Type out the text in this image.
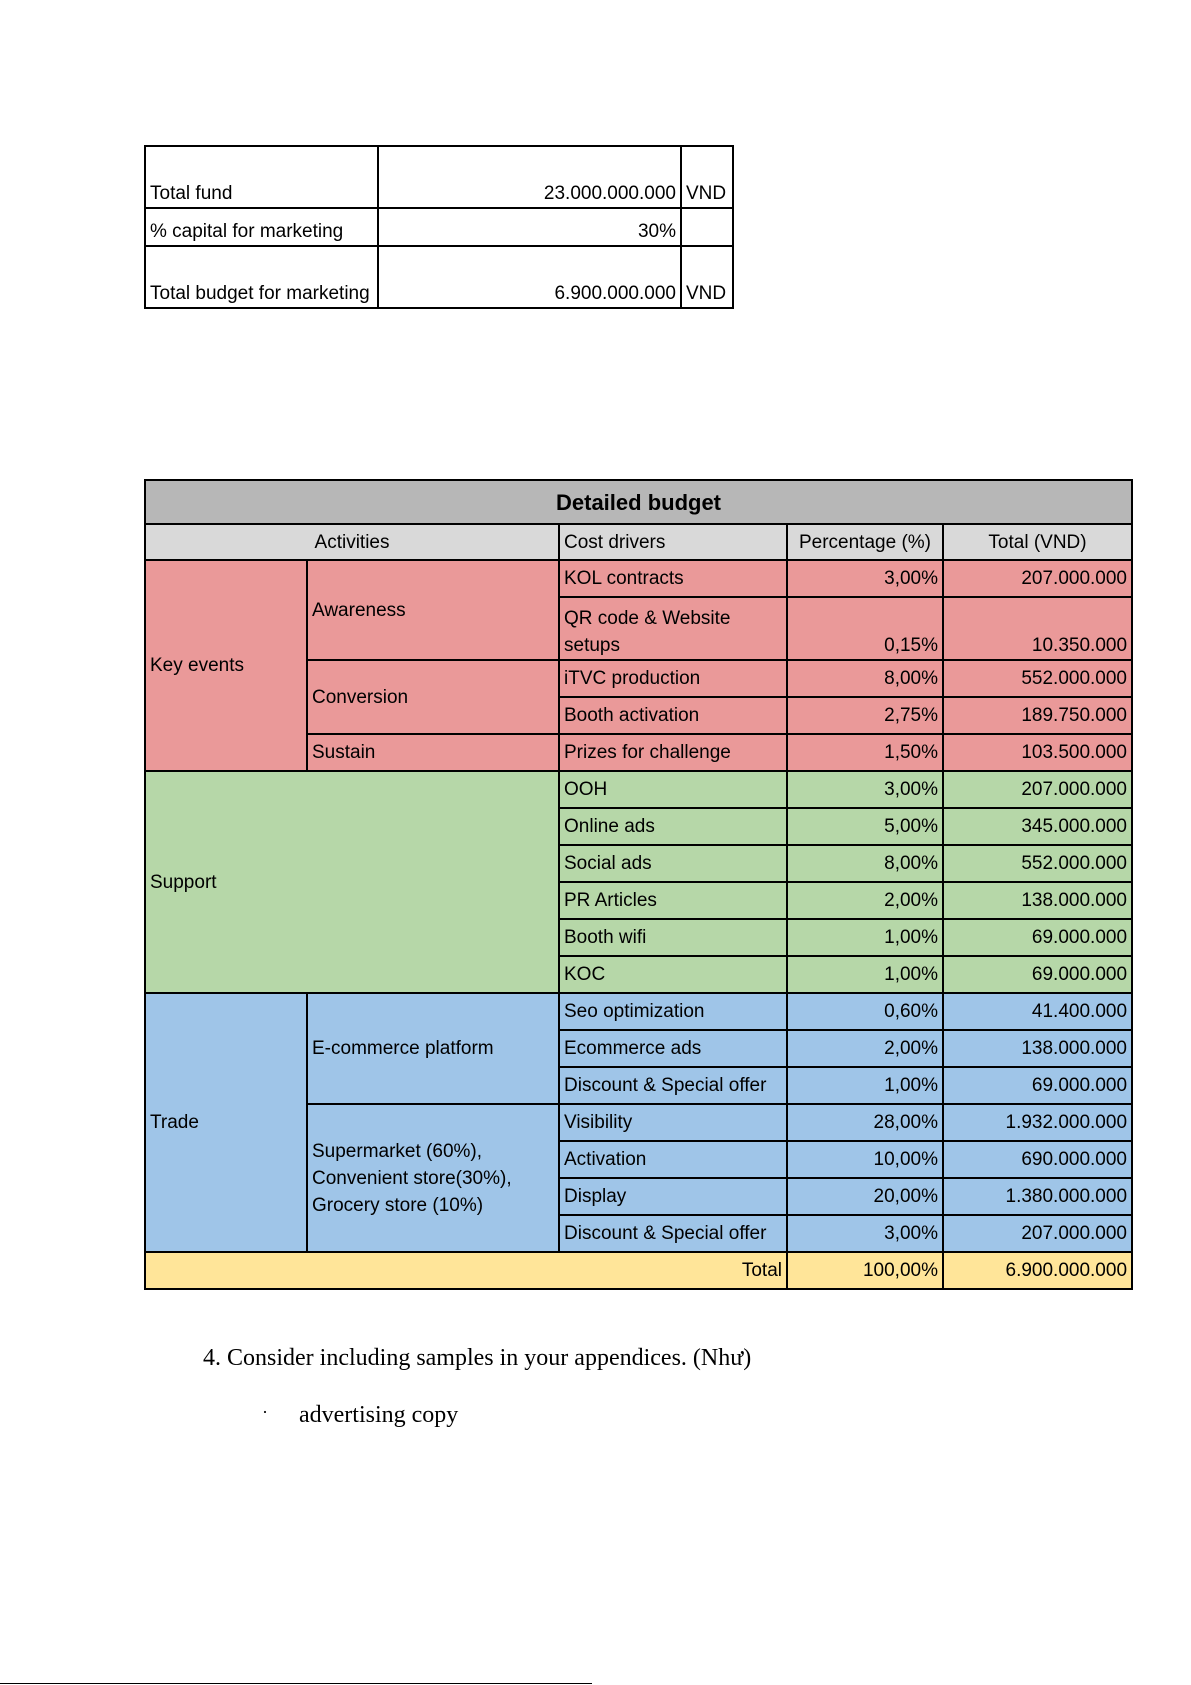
Total fund	23.000.000.000	VND
% capital for marketing	30%	
Total budget for marketing	6.900.000.000	VND
Detailed budget				
Activities		Cost drivers	Percentage (%)	Total (VND)
Key events	Awareness	KOL contracts	3,00%	207.000.000
		QR code & Website setups	0,15%	10.350.000
	Conversion	iTVC production	8,00%	552.000.000
		Booth activation	2,75%	189.750.000
	Sustain	Prizes for challenge	1,50%	103.500.000
Support		OOH	3,00%	207.000.000
		Online ads	5,00%	345.000.000
		Social ads	8,00%	552.000.000
		PR Articles	2,00%	138.000.000
		Booth wifi	1,00%	69.000.000
		KOC	1,00%	69.000.000
Trade	E-commerce platform	Seo optimization	0,60%	41.400.000
		Ecommerce ads	2,00%	138.000.000
		Discount & Special offer	1,00%	69.000.000
	Supermarket (60%), Convenient store(30%), Grocery store (10%)	Visibility	28,00%	1.932.000.000
		Activation	10,00%	690.000.000
		Display	20,00%	1.380.000.000
		Discount & Special offer	3,00%	207.000.000
Total			100,00%	6.900.000.000
4. Consider including samples in your appendices. (Như)
· advertising copy
